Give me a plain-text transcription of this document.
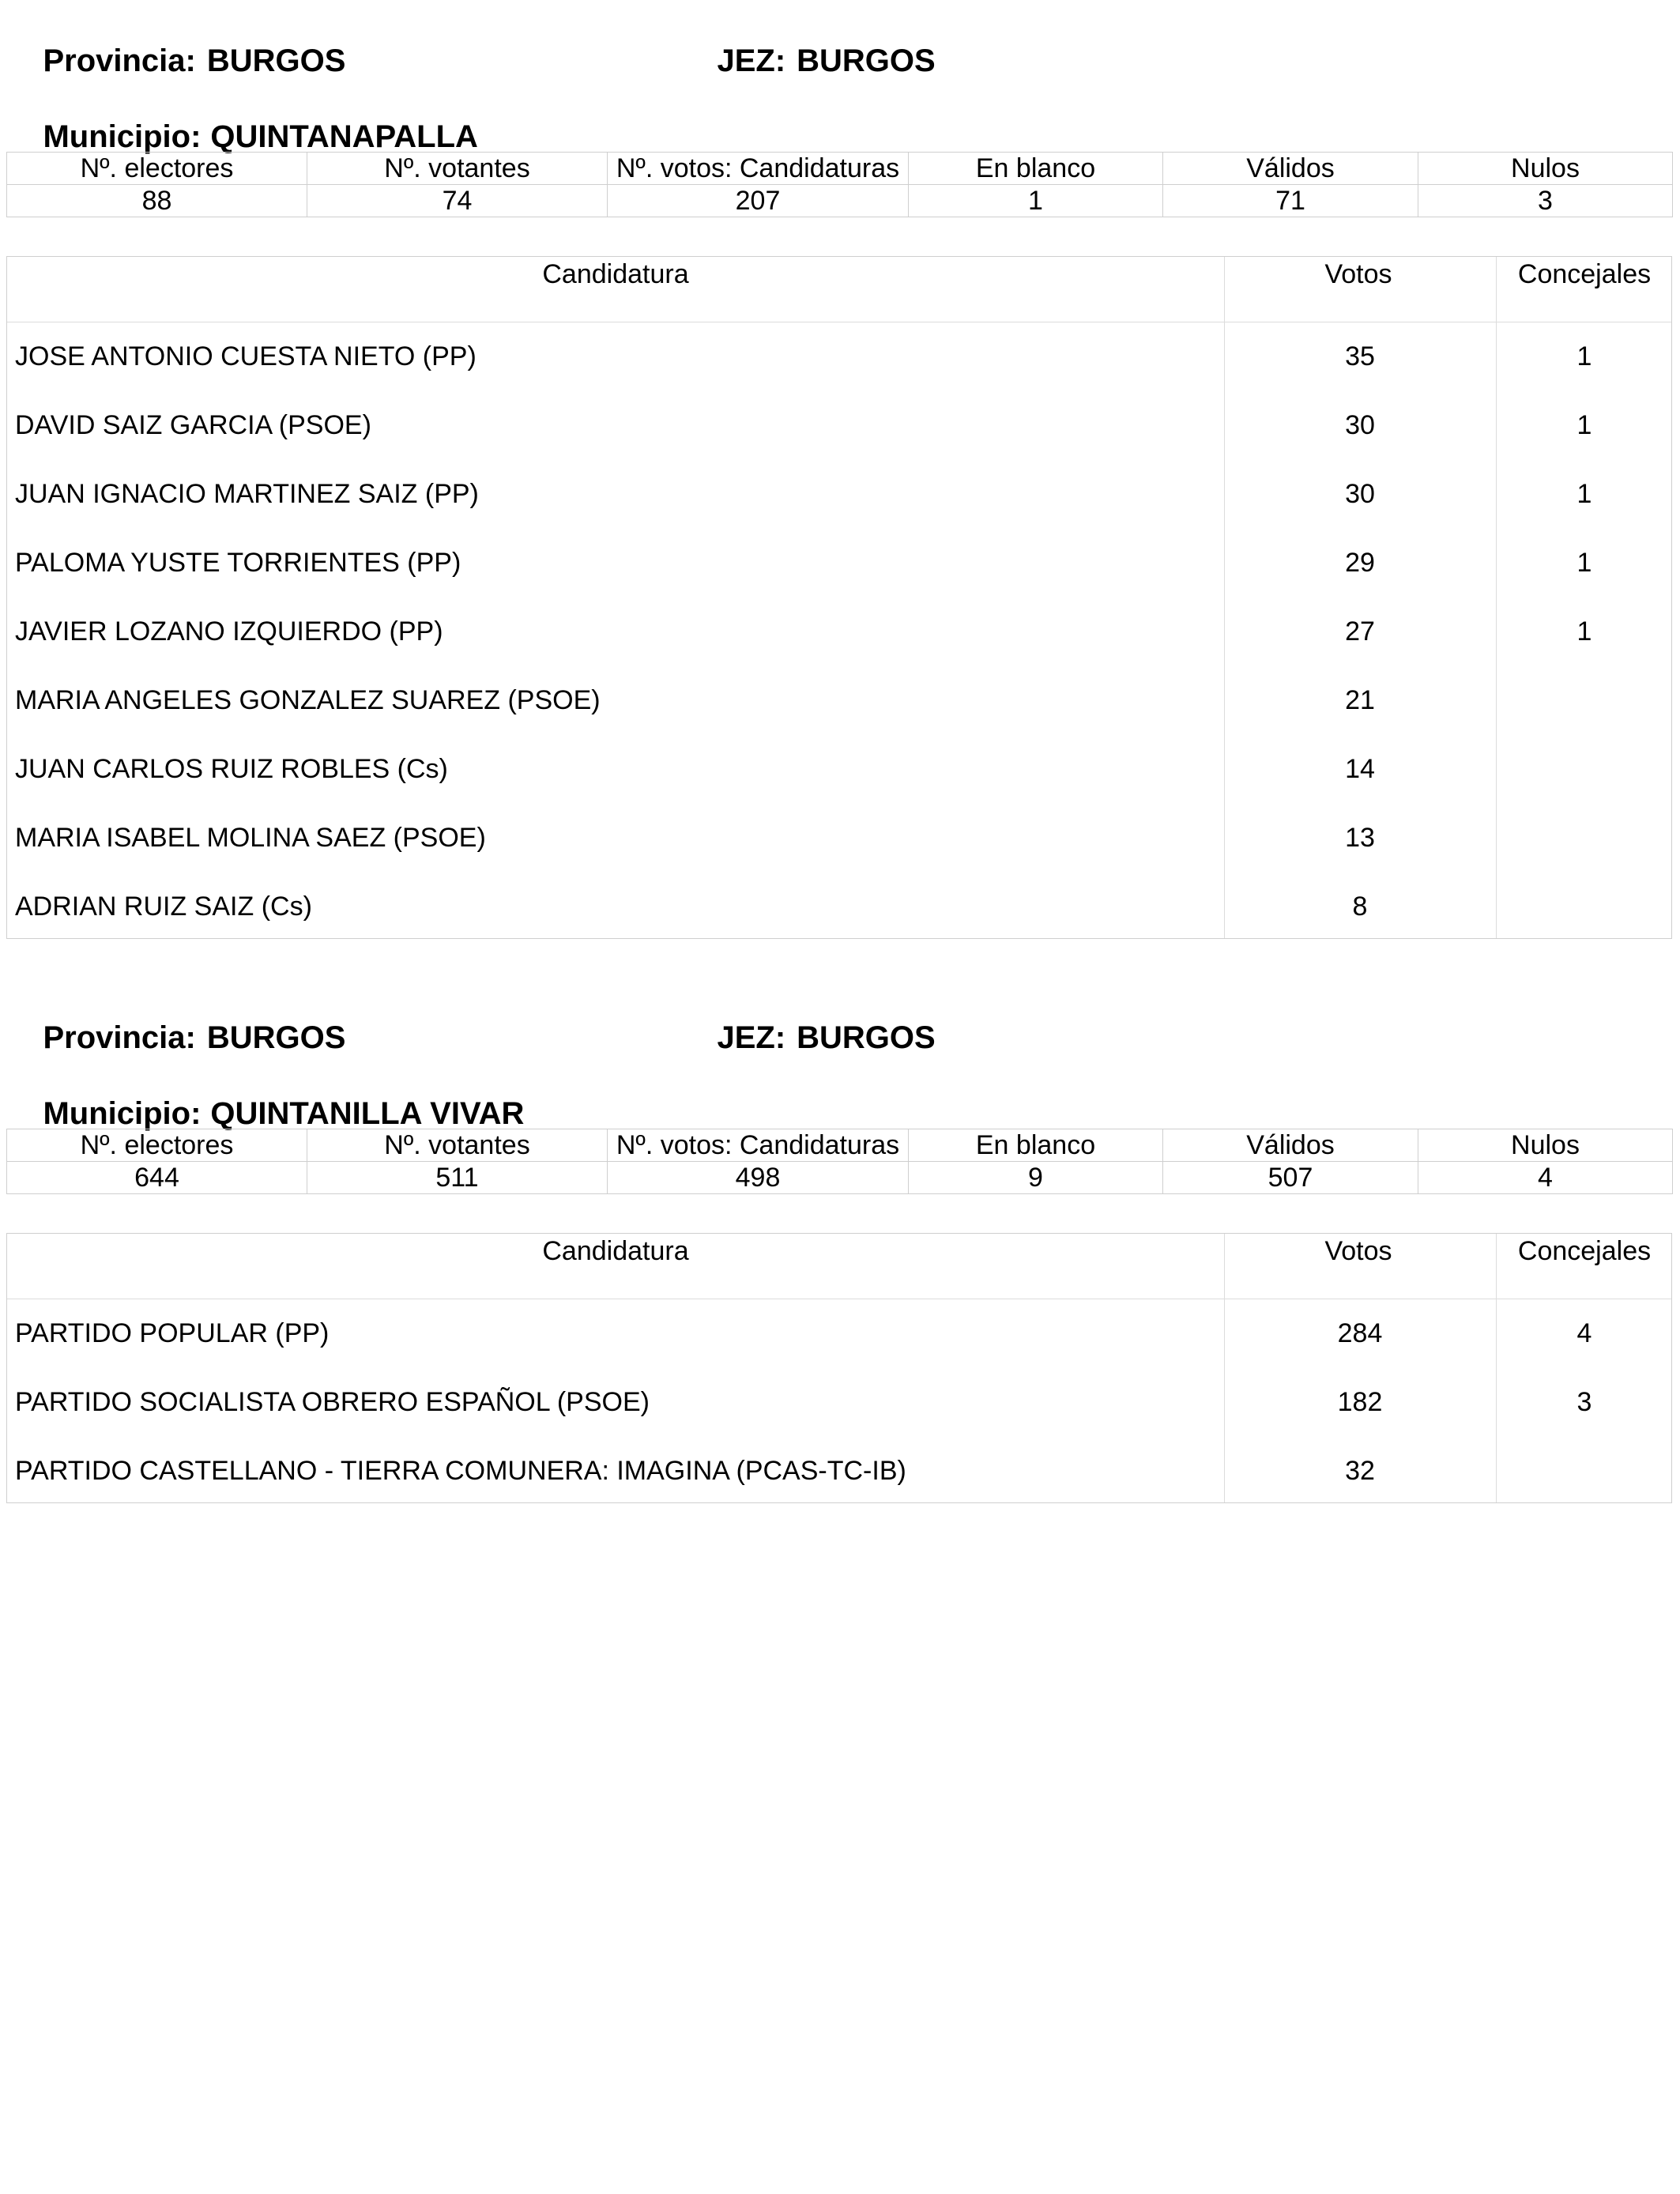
Provincia: BURGOS
	JEZ: BURGOS

Municipio: QUINTANAPALLA

Nº. electores	Nº. votantes	Nº. votos: Candidaturas	En blanco	Válidos	Nulos
88	74	207	1	71	3
Candidatura	Votos	Concejales
JOSE ANTONIO CUESTA NIETO (PP)	35	1
DAVID SAIZ GARCIA (PSOE)	30	1
JUAN IGNACIO MARTINEZ SAIZ (PP)	30	1
PALOMA YUSTE TORRIENTES (PP)	29	1
JAVIER LOZANO IZQUIERDO (PP)	27	1
MARIA ANGELES GONZALEZ SUAREZ (PSOE)	21
JUAN CARLOS RUIZ ROBLES (Cs)	14
MARIA ISABEL MOLINA SAEZ (PSOE)	13
ADRIAN RUIZ SAIZ (Cs)	8

Provincia: BURGOS
	JEZ: BURGOS

Municipio: QUINTANILLA VIVAR

Nº. electores	Nº. votantes	Nº. votos: Candidaturas	En blanco	Válidos	Nulos
644	511	498	9	507	4
Candidatura	Votos	Concejales
PARTIDO POPULAR (PP)	284	4
PARTIDO SOCIALISTA OBRERO ESPAÑOL (PSOE)	182	3
PARTIDO CASTELLANO - TIERRA COMUNERA: IMAGINA (PCAS-TC-IB)	32
